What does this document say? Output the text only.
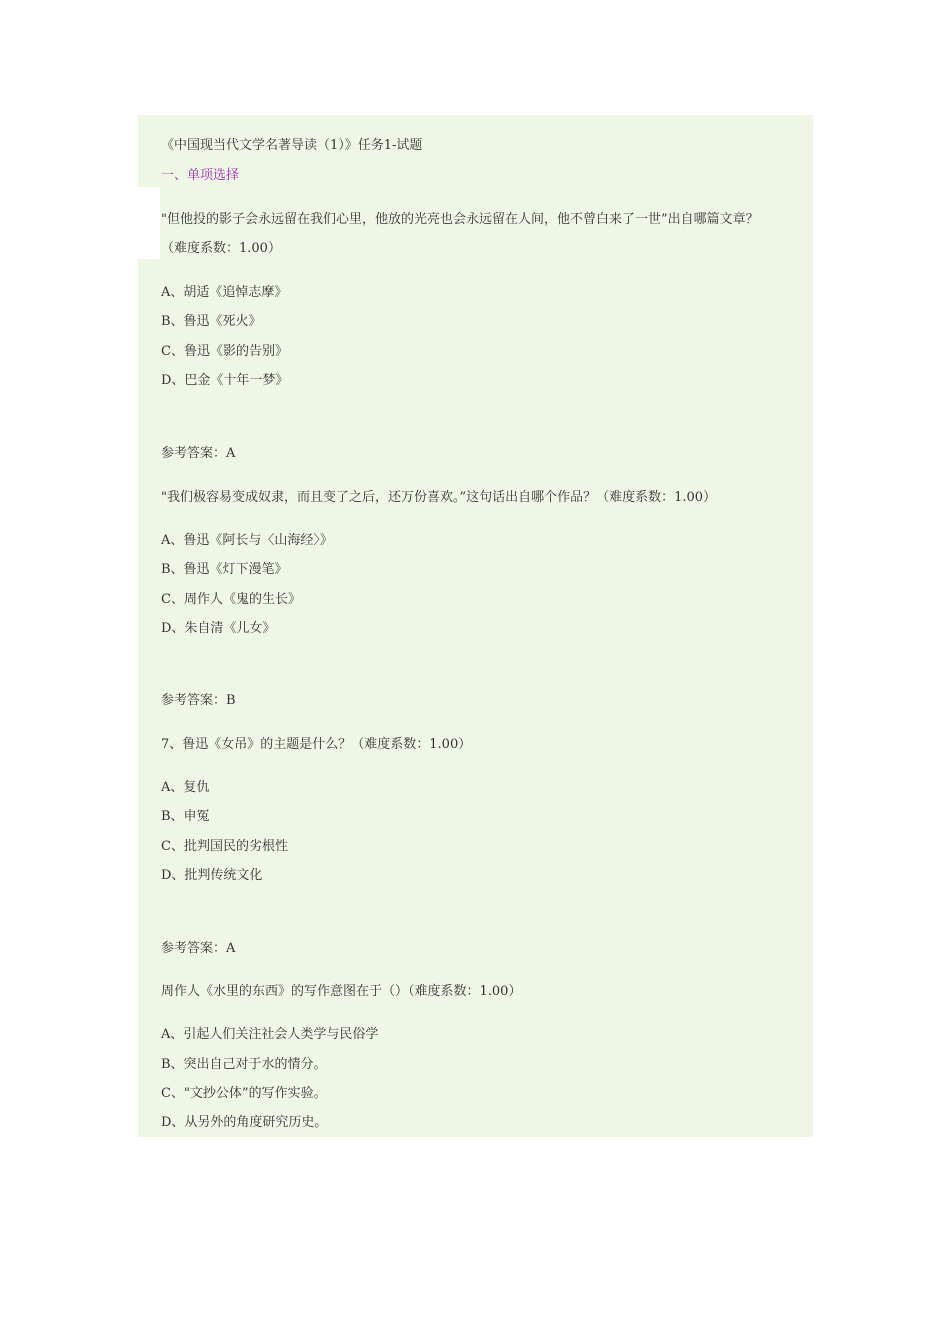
《中国现当代文学名著导读（1）》任务1-试题
一、单项选择
"但他投的影子会永远留在我们心里，他放的光亮也会永远留在人间，他不曾白来了一世”出自哪篇文章？
（难度系数：1.00）
A、胡适《追悼志摩》
B、鲁迅《死火》
C、鲁迅《影的告别》
D、巴金《十年一梦》
参考答案：A
"我们极容易变成奴隶，而且变了之后，还万份喜欢。”这句话出自哪个作品？（难度系数：1.00）
A、鲁迅《阿长与〈山海经〉》
B、鲁迅《灯下漫笔》
C、周作人《鬼的生长》
D、朱自清《儿女》
参考答案：B
7、鲁迅《女吊》的主题是什么？（难度系数：1.00）
A、复仇
B、申冤
C、批判国民的劣根性
D、批判传统文化
参考答案：A
周作人《水里的东西》的写作意图在于（）（难度系数：1.00）
A、引起人们关注社会人类学与民俗学
B、突出自己对于水的情分。
C、"文抄公体”的写作实验。
D、从另外的角度研究历史。
